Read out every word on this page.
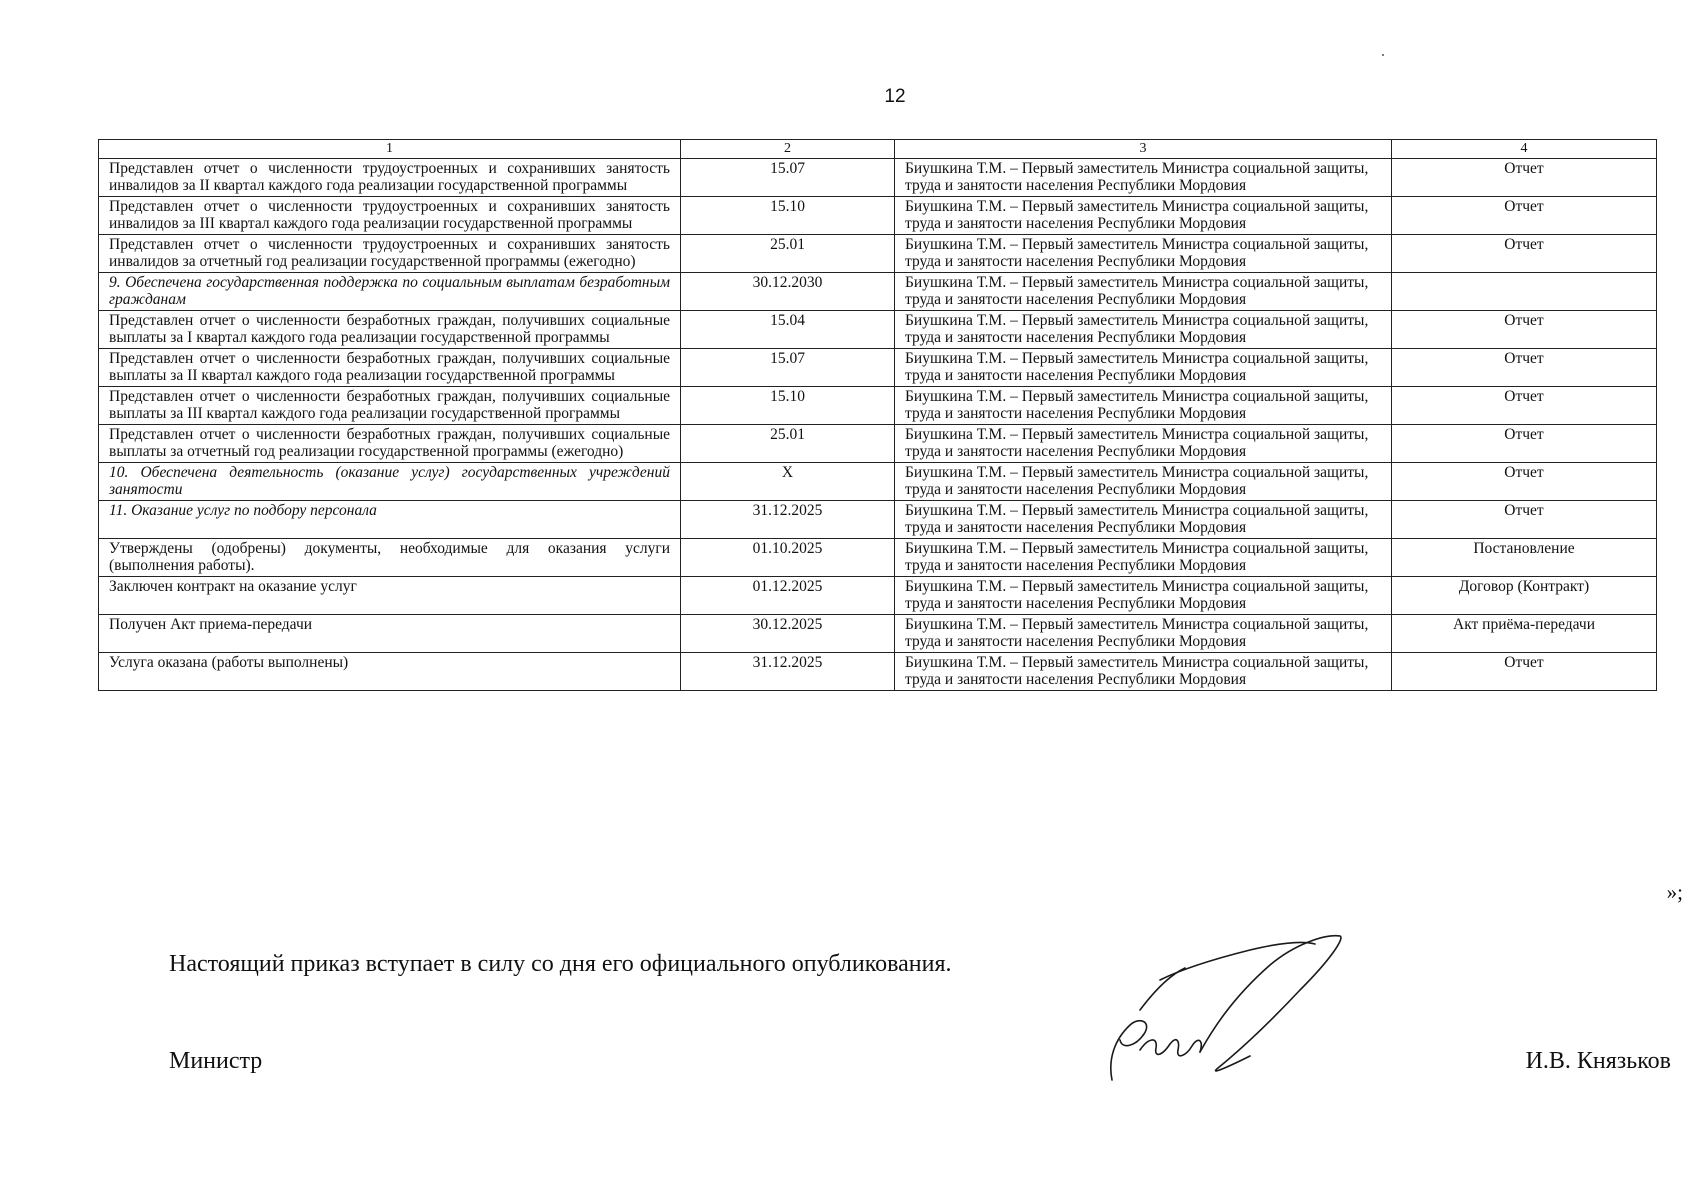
12
1	2	3	4
Представлен отчет о численности трудоустроенных и сохранивших занятость инвалидов за II квартал каждого года реализации государственной программы	15.07	Биушкина Т.М. – Первый заместитель Министра социальной защиты, труда и занятости населения Республики Мордовия	Отчет
Представлен отчет о численности трудоустроенных и сохранивших занятость инвалидов за III квартал каждого года реализации государственной программы	15.10	Биушкина Т.М. – Первый заместитель Министра социальной защиты, труда и занятости населения Республики Мордовия	Отчет
Представлен отчет о численности трудоустроенных и сохранивших занятость инвалидов за отчетный год реализации государственной программы (ежегодно)	25.01	Биушкина Т.М. – Первый заместитель Министра социальной защиты, труда и занятости населения Республики Мордовия	Отчет
9. Обеспечена государственная поддержка по социальным выплатам безработным гражданам	30.12.2030	Биушкина Т.М. – Первый заместитель Министра социальной защиты, труда и занятости населения Республики Мордовия	
Представлен отчет о численности безработных граждан, получивших социальные выплаты за I квартал каждого года реализации государственной программы	15.04	Биушкина Т.М. – Первый заместитель Министра социальной защиты, труда и занятости населения Республики Мордовия	Отчет
Представлен отчет о численности безработных граждан, получивших социальные выплаты за II квартал каждого года реализации государственной программы	15.07	Биушкина Т.М. – Первый заместитель Министра социальной защиты, труда и занятости населения Республики Мордовия	Отчет
Представлен отчет о численности безработных граждан, получивших социальные выплаты за III квартал каждого года реализации государственной программы	15.10	Биушкина Т.М. – Первый заместитель Министра социальной защиты, труда и занятости населения Республики Мордовия	Отчет
Представлен отчет о численности безработных граждан, получивших социальные выплаты за отчетный год реализации государственной программы (ежегодно)	25.01	Биушкина Т.М. – Первый заместитель Министра социальной защиты, труда и занятости населения Республики Мордовия	Отчет
10. Обеспечена деятельность (оказание услуг) государственных учреждений занятости	X	Биушкина Т.М. – Первый заместитель Министра социальной защиты, труда и занятости населения Республики Мордовия	Отчет
11. Оказание услуг по подбору персонала	31.12.2025	Биушкина Т.М. – Первый заместитель Министра социальной защиты, труда и занятости населения Республики Мордовия	Отчет
Утверждены (одобрены) документы, необходимые для оказания услуги (выполнения работы).	01.10.2025	Биушкина Т.М. – Первый заместитель Министра социальной защиты, труда и занятости населения Республики Мордовия	Постановление
Заключен контракт на оказание услуг	01.12.2025	Биушкина Т.М. – Первый заместитель Министра социальной защиты, труда и занятости населения Республики Мордовия	Договор (Контракт)
Получен Акт приема-передачи	30.12.2025	Биушкина Т.М. – Первый заместитель Министра социальной защиты, труда и занятости населения Республики Мордовия	Акт приёма-передачи
Услуга оказана (работы выполнены)	31.12.2025	Биушкина Т.М. – Первый заместитель Министра социальной защиты, труда и занятости населения Республики Мордовия	Отчет
»;
Настоящий приказ вступает в силу со дня его официального опубликования.
Министр	И.В. Князьков
